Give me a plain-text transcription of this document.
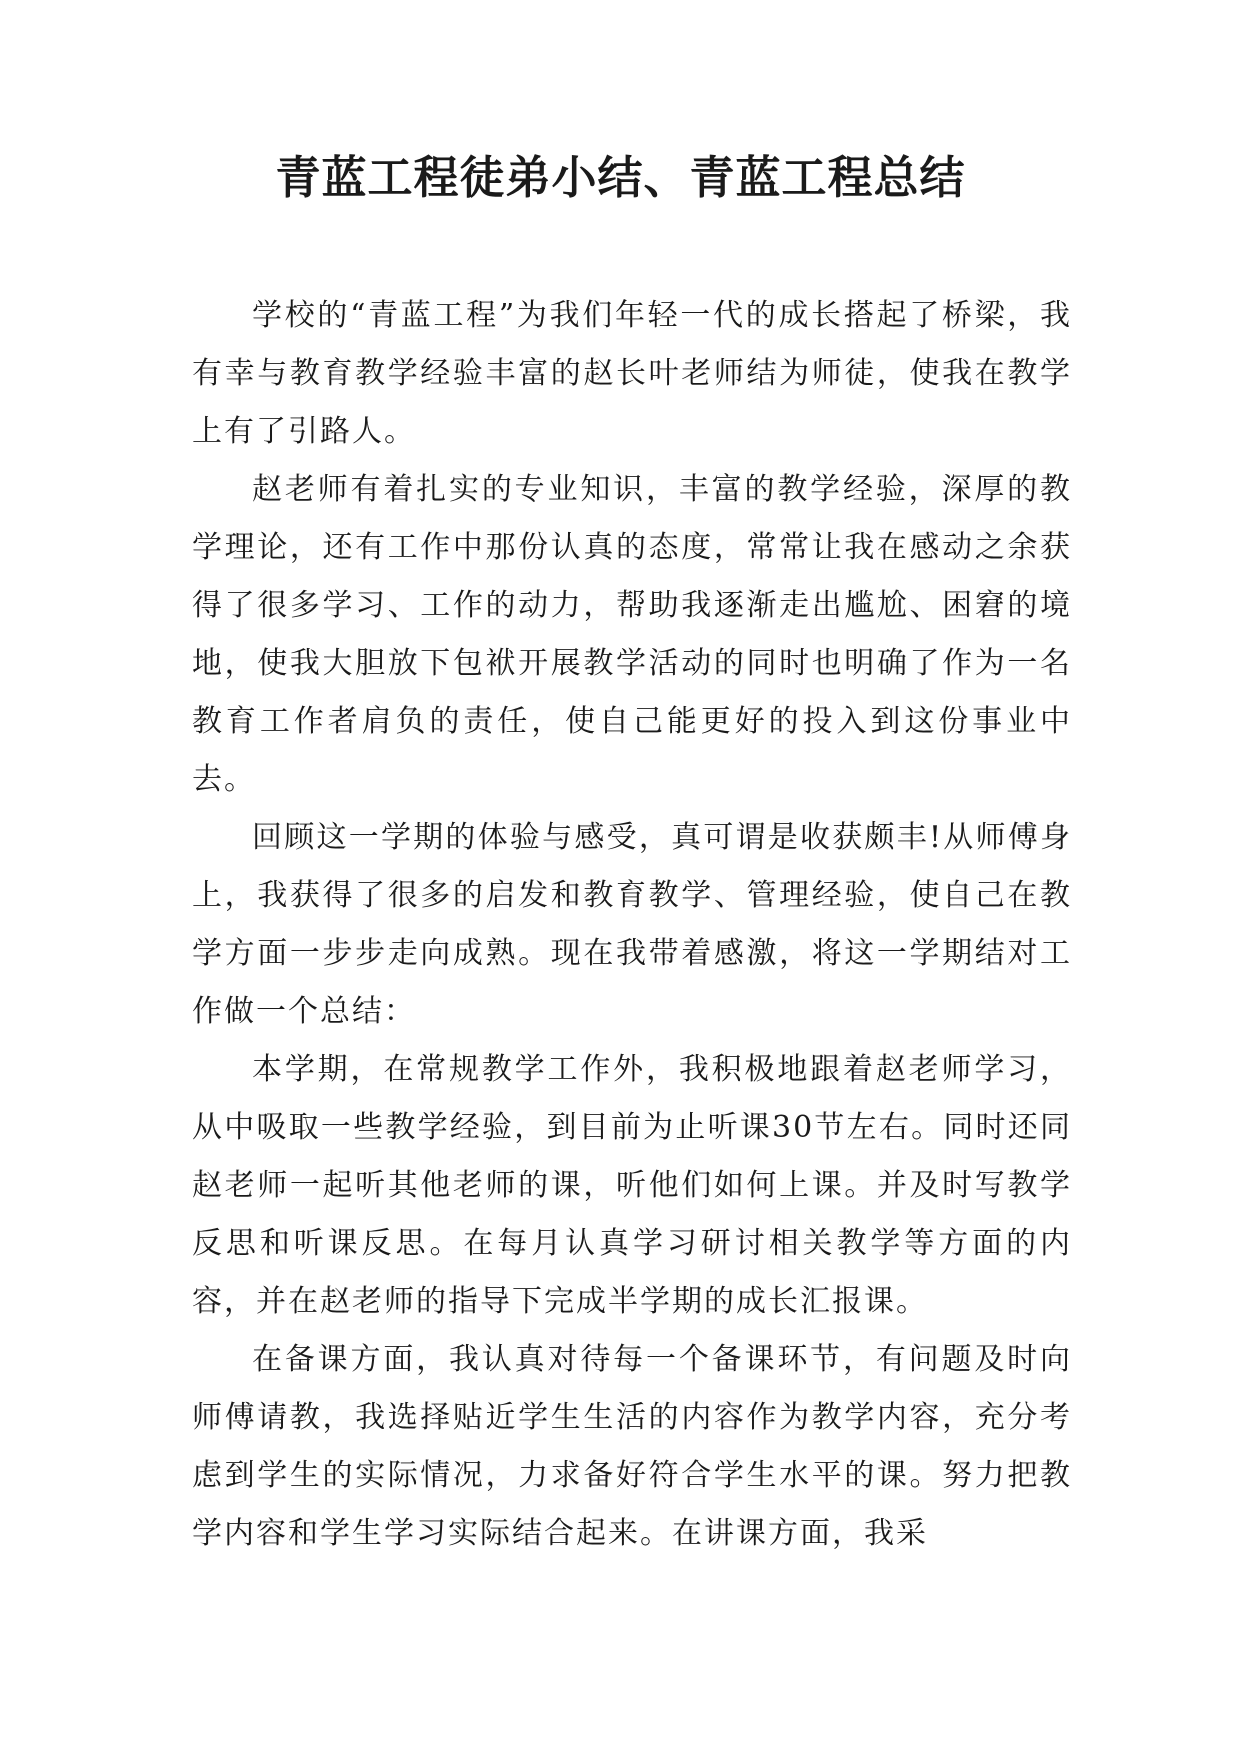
青蓝工程徒弟小结、青蓝工程总结

学校的“青蓝工程”为我们年轻一代的成长搭起了桥梁，我有幸与教育教学经验丰富的赵长叶老师结为师徒，使我在教学上有了引路人。

赵老师有着扎实的专业知识，丰富的教学经验，深厚的教学理论，还有工作中那份认真的态度，常常让我在感动之余获得了很多学习、工作的动力，帮助我逐渐走出尴尬、困窘的境地，使我大胆放下包袱开展教学活动的同时也明确了作为一名教育工作者肩负的责任，使自己能更好的投入到这份事业中去。

回顾这一学期的体验与感受，真可谓是收获颇丰!从师傅身上，我获得了很多的启发和教育教学、管理经验，使自己在教学方面一步步走向成熟。现在我带着感激，将这一学期结对工作做一个总结：

本学期，在常规教学工作外，我积极地跟着赵老师学习，从中吸取一些教学经验，到目前为止听课30节左右。同时还同赵老师一起听其他老师的课，听他们如何上课。并及时写教学反思和听课反思。在每月认真学习研讨相关教学等方面的内容，并在赵老师的指导下完成半学期的成长汇报课。

在备课方面，我认真对待每一个备课环节，有问题及时向师傅请教，我选择贴近学生生活的内容作为教学内容，充分考虑到学生的实际情况，力求备好符合学生水平的课。努力把教学内容和学生学习实际结合起来。在讲课方面，我采
